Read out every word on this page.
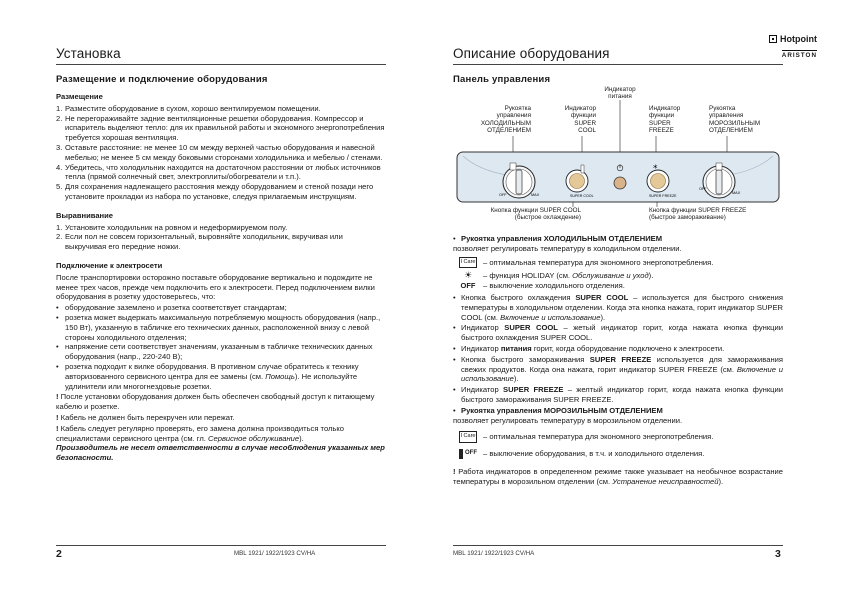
Установка
Размещение и подключение оборудования
Размещение
1. Разместите оборудование в сухом, хорошо вентилируемом помещении.
2. Не перегораживайте задние вентиляционные решетки оборудования. Компрессор и испаритель выделяют тепло: для их правильной работы и экономного энергопотребления требуется хорошая вентиляция.
3. Оставьте расстояние: не менее 10 см между верхней частью оборудования и навесной мебелью; не менее 5 см между боковыми сторонами холодильника и мебелью / стенами.
4. Убедитесь, что холодильник находится на достаточном расстоянии от любых источников тепла (прямой солнечный свет, электроплиты/обогреватели и т.п.).
5. Для сохранения надлежащего расстояния между оборудованием и стеной позади него установите прокладки из набора по установке, следуя прилагаемым инструкциям.
Выравнивание
1. Установите холодильник на ровном и недеформируемом полу.
2. Если пол не совсем горизонтальный, выровняйте холодильник, вкручивая или выкручивая его передние ножки.
Подключение к электросети
После транспортировки осторожно поставьте оборудование вертикально и подождите не менее трех часов, прежде чем подключить его к электросети. Перед подключением вилки оборудования в розетку удостоверьтесь, что:
• оборудование заземлено и розетка соответствует стандартам;
• розетка может выдержать максимальную потребляемую мощность оборудования (напр., 150 Вт), указанную в табличке его технических данных, расположенной внизу с левой стороны холодильного отделения;
• напряжение сети соответствует значениям, указанным в табличке технических данных оборудования (напр., 220-240 В);
• розетка подходит к вилке оборудования. В противном случае обратитесь к технику авторизованного сервисного центра для ее замены (см. Помощь). Не используйте удлинители или многогнездовые розетки.
! После установки оборудования должен быть обеспечен свободный доступ к питающему кабелю и розетке.
! Кабель не должен быть перекручен или пережат.
! Кабель следует регулярно проверять, его замена должна производиться только специалистами сервисного центра (см. гл. Сервисное обслуживание).
Производитель не несет ответственности в случае несоблюдения указанных мер безопасности.
2	MBL 1921/ 1922/1923 CV/HA
Описание оборудования
Hotpoint
ARISTON
Панель управления
Индикатор
питания
Рукоятка
управления
ХОЛОДИЛЬНЫМ
ОТДЕЛЕНИЕМ
Индикатор
функции
SUPER
COOL
Индикатор
функции
SUPER
FREEZE
Рукоятка
управления
МОРОЗИЛЬНЫМ
ОТДЕЛЕНИЕМ
OFF	MAX	SUPER COOL
*
SUPER FREEZE
OFF
MAX
Кнопка функции SUPER COOL
(быстрое охлаждение)
Кнопка функции SUPER FREEZE
(быстрое замораживание)
• Рукоятка управления ХОЛОДИЛЬНЫМ ОТДЕЛЕНИЕМ
позволяет регулировать температуру в холодильном отделении.
I Care – оптимальная температура для экономного энергопотребления.
☀ – функция HOLIDAY (см. Обслуживание и уход).
OFF – выключение холодильного отделения.
• Кнопка быстрого охлаждения SUPER COOL – используется для быстрого снижения температуры в холодильном отделении. Когда эта кнопка нажата, горит индикатор SUPER COOL (см. Включение и использование).
• Индикатор SUPER COOL – жетый индикатор горит, когда нажата кнопка функции быстрого охлаждения SUPER COOL.
• Индикатор питания горит, когда оборудование подключено к электросети.
• Кнопка быстрого замораживания SUPER FREEZE используется для замораживания свежих продуктов. Когда она нажата, горит индикатор SUPER FREEZE (см. Включение и использование).
• Индикатор SUPER FREEZE – желтый индикатор горит, когда нажата кнопка функции быстрого замораживания SUPER FREEZE.
• Рукоятка управления МОРОЗИЛЬНЫМ ОТДЕЛЕНИЕМ
позволяет регулировать температуру в морозильном отделении.
I Care – оптимальная температура для экономного энергопотребления.
OFF – выключение оборудования, в т.ч. и холодильного отделения.
! Работа индикаторов в определенном режиме также указывает на необычное возрастание температуры в морозильном отделении (см. Устранение неисправностей).
MBL 1921/ 1922/1923 CV/HA	3
